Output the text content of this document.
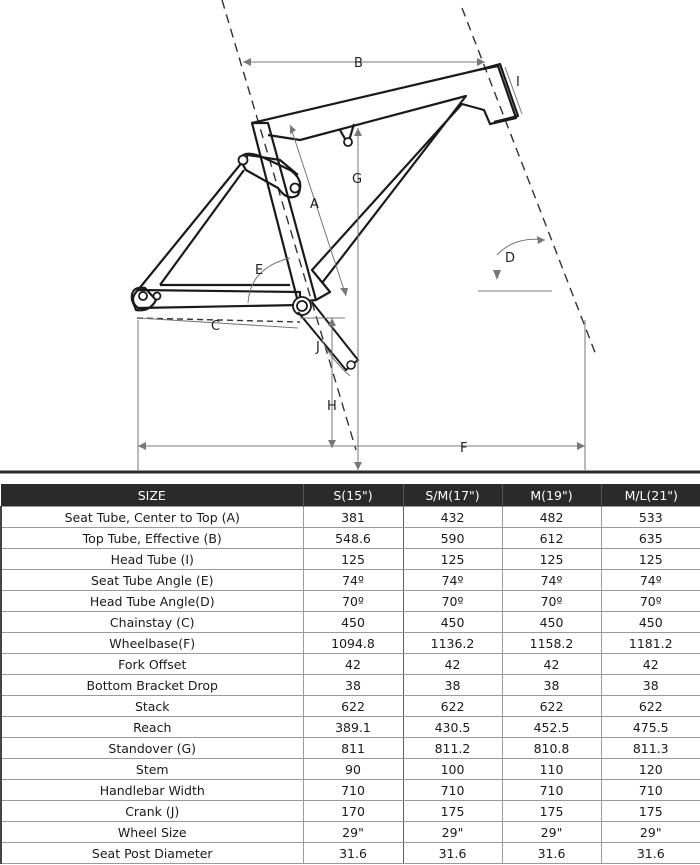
B
I
G
A
D
E
C
J
H
F
SIZE	S(15")	S/M(17")	M(19")	M/L(21")
Seat Tube, Center to Top (A)	381	432	482	533
Top Tube, Effective (B)	548.6	590	612	635
Head Tube (I)	125	125	125	125
Seat Tube Angle (E)	74º	74º	74º	74º
Head Tube Angle(D)	70º	70º	70º	70º
Chainstay (C)	450	450	450	450
Wheelbase(F)	1094.8	1136.2	1158.2	1181.2
Fork Offset	42	42	42	42
Bottom Bracket Drop	38	38	38	38
Stack	622	622	622	622
Reach	389.1	430.5	452.5	475.5
Standover (G)	811	811.2	810.8	811.3
Stem	90	100	110	120
Handlebar Width	710	710	710	710
Crank (J)	170	175	175	175
Wheel Size	29"	29"	29"	29"
Seat Post Diameter	31.6	31.6	31.6	31.6
